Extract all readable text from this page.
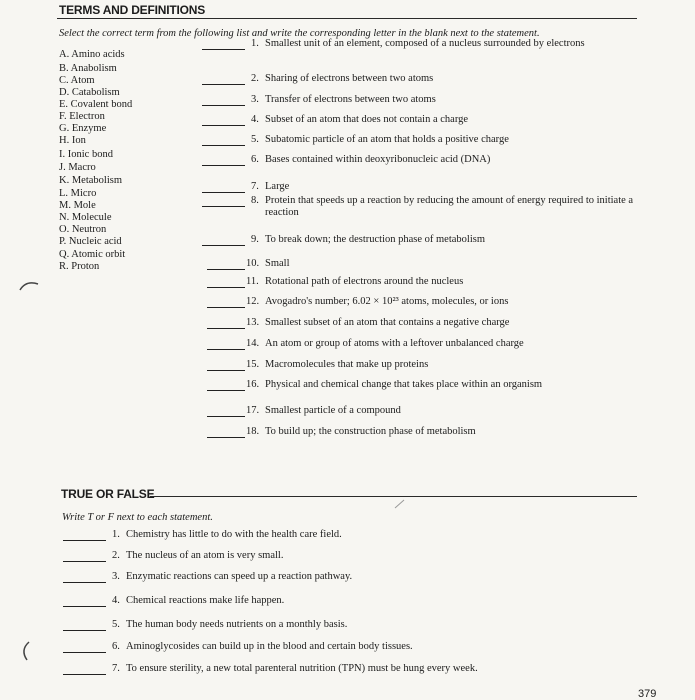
TERMS AND DEFINITIONS
Select the correct term from the following list and write the corresponding letter in the blank next to the statement.
A. Amino acids
B. Anabolism
C. Atom
D. Catabolism
E. Covalent bond
F. Electron
G. Enzyme
H. Ion
I. Ionic bond
J. Macro
K. Metabolism
L. Micro
M. Mole
N. Molecule
O. Neutron
P. Nucleic acid
Q. Atomic orbit
R. Proton
1. Smallest unit of an element, composed of a nucleus surrounded by electrons
2. Sharing of electrons between two atoms
3. Transfer of electrons between two atoms
4. Subset of an atom that does not contain a charge
5. Subatomic particle of an atom that holds a positive charge
6. Bases contained within deoxyribonucleic acid (DNA)
7. Large
8. Protein that speeds up a reaction by reducing the amount of energy required to initiate a reaction
9. To break down; the destruction phase of metabolism
10. Small
11. Rotational path of electrons around the nucleus
12. Avogadro's number; 6.02 × 10²³ atoms, molecules, or ions
13. Smallest subset of an atom that contains a negative charge
14. An atom or group of atoms with a leftover unbalanced charge
15. Macromolecules that make up proteins
16. Physical and chemical change that takes place within an organism
17. Smallest particle of a compound
18. To build up; the construction phase of metabolism
TRUE OR FALSE
Write T or F next to each statement.
1. Chemistry has little to do with the health care field.
2. The nucleus of an atom is very small.
3. Enzymatic reactions can speed up a reaction pathway.
4. Chemical reactions make life happen.
5. The human body needs nutrients on a monthly basis.
6. Aminoglycosides can build up in the blood and certain body tissues.
7. To ensure sterility, a new total parenteral nutrition (TPN) must be hung every week.
379
